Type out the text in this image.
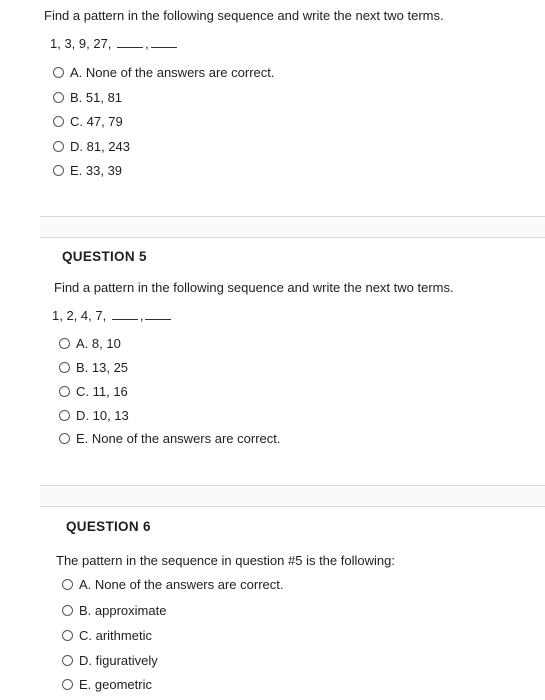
Find a pattern in the following sequence and write the next two terms.
1, 3, 9, 27,	,
A. None of the answers are correct.
B. 51, 81
C. 47, 79
D. 81, 243
E. 33, 39
QUESTION 5
Find a pattern in the following sequence and write the next two terms.
1, 2, 4, 7,	,
A. 8, 10
B. 13, 25
C. 11, 16
D. 10, 13
E. None of the answers are correct.
QUESTION 6
The pattern in the sequence in question #5 is the following:
A. None of the answers are correct.
B. approximate
C. arithmetic
D. figuratively
E. geometric
